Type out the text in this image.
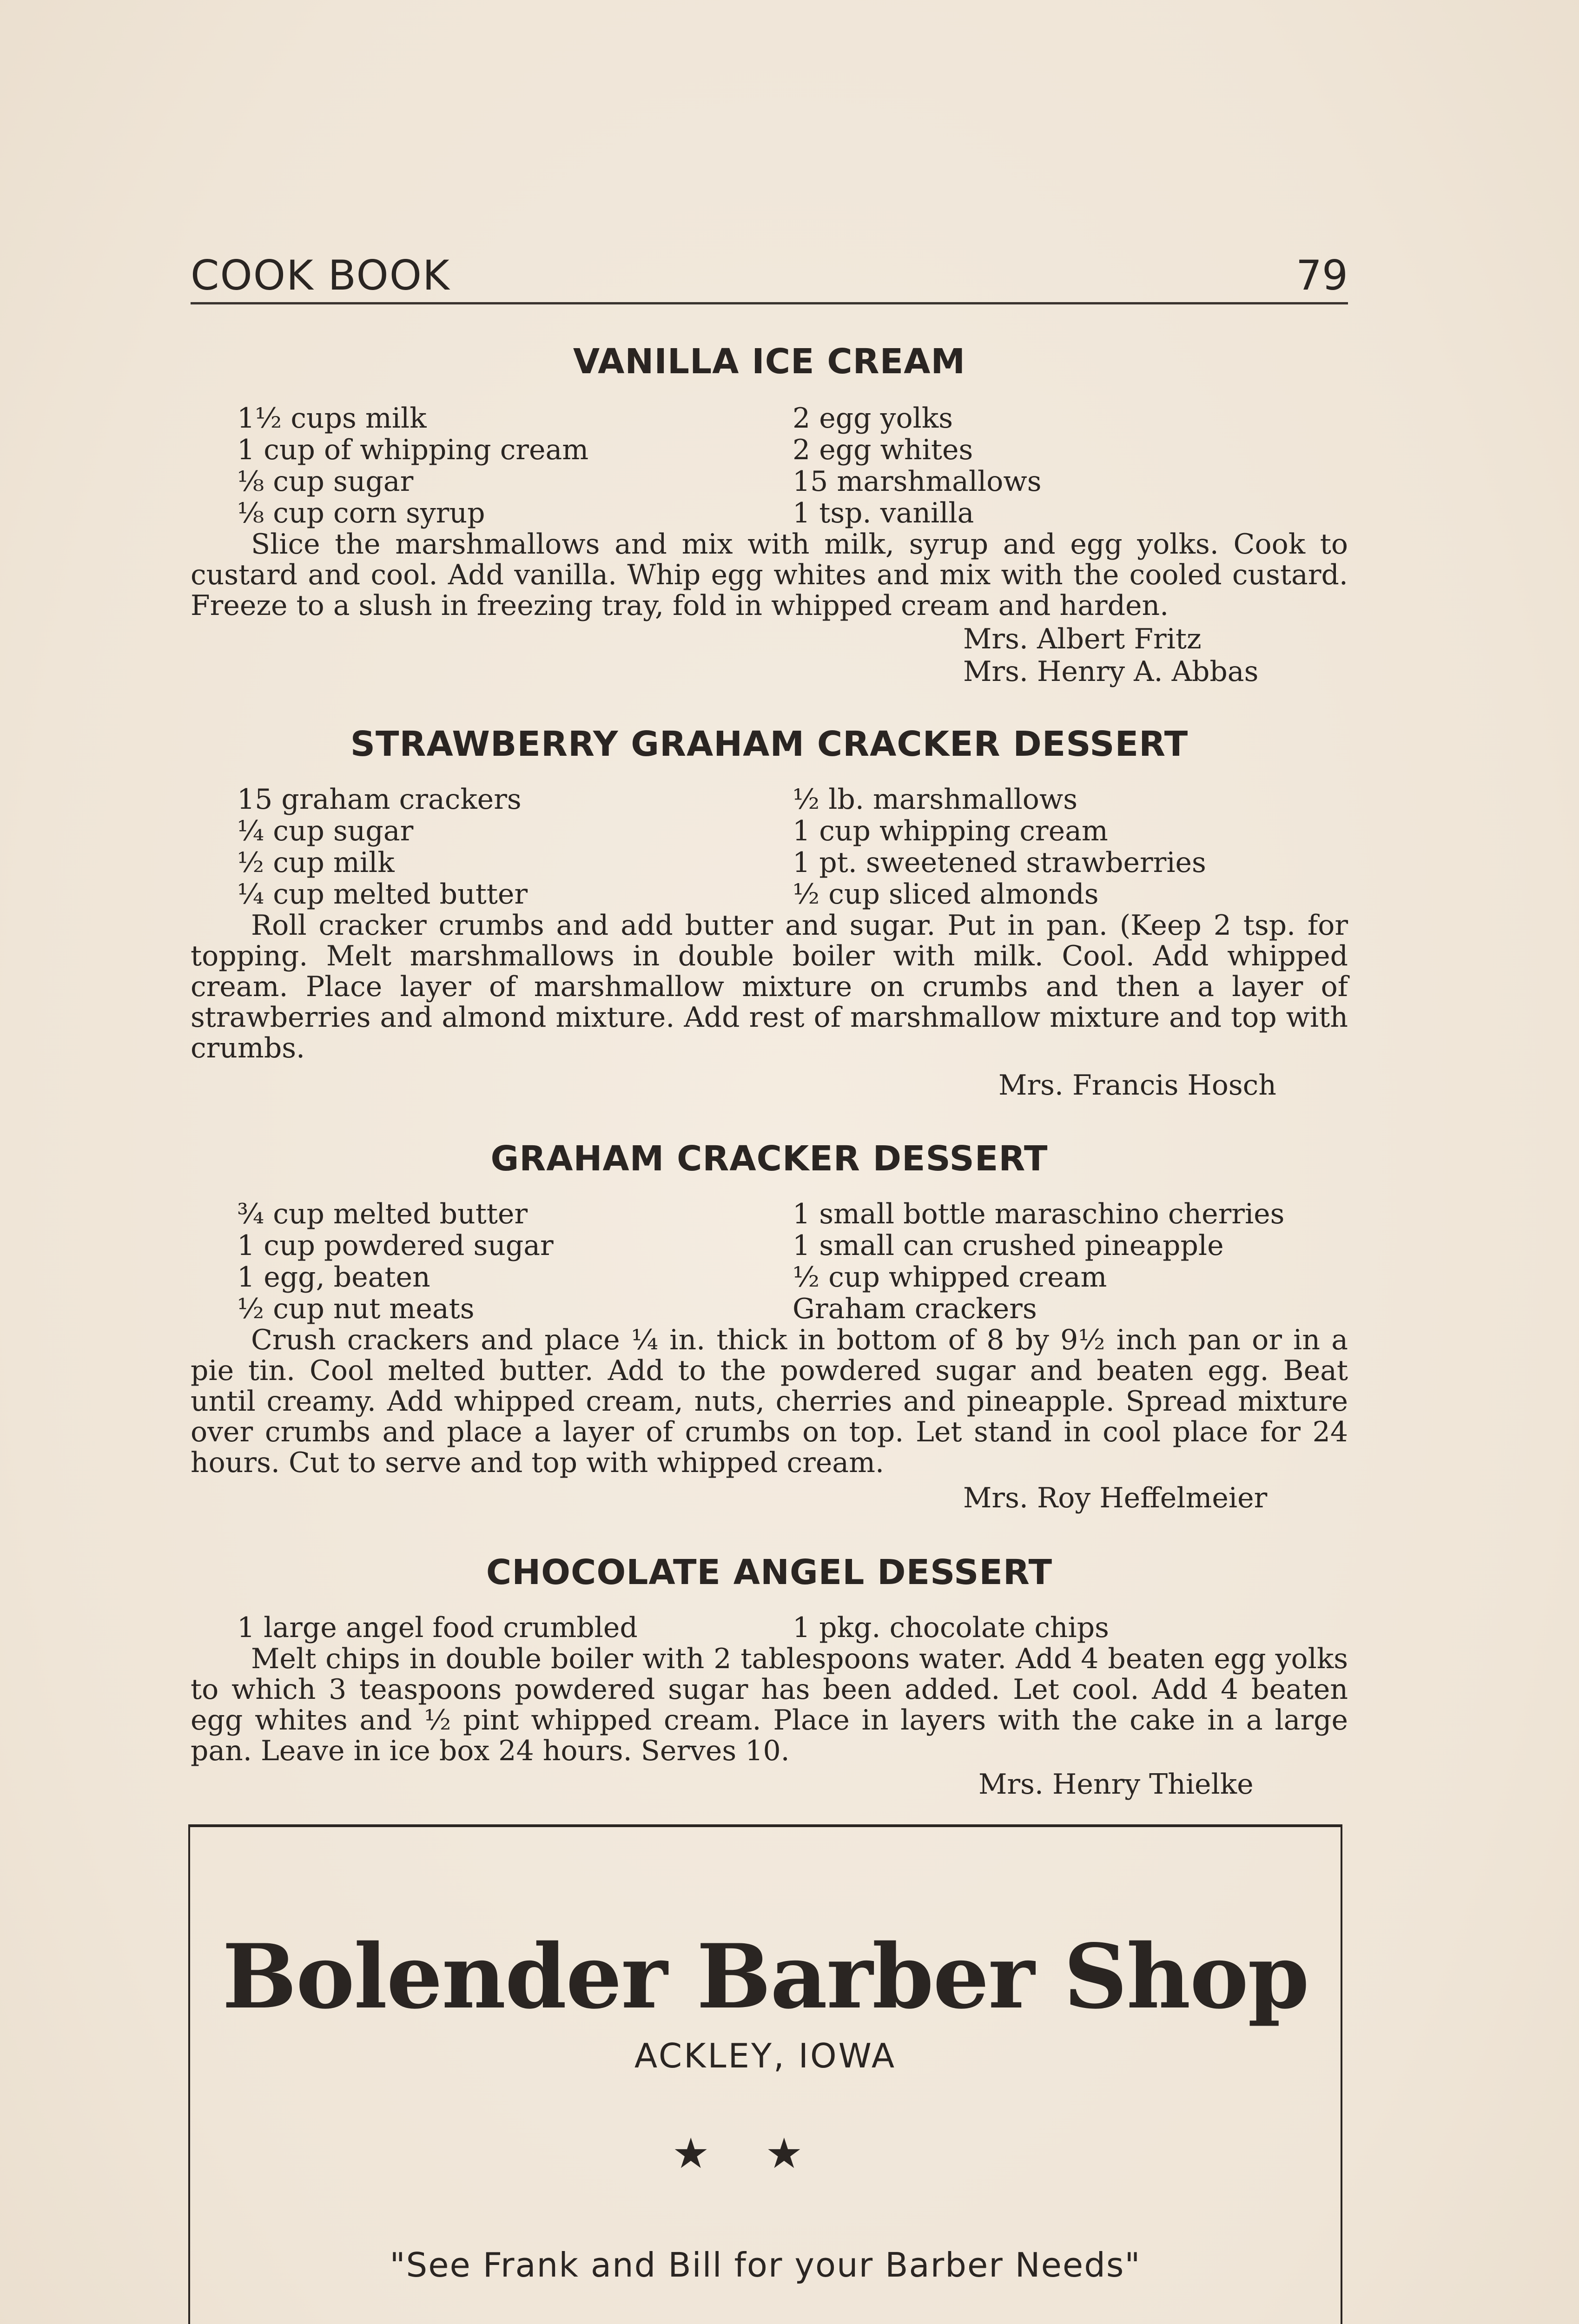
COOK BOOK	79
VANILLA ICE CREAM
1½ cups milk
1 cup of whipping cream
⅛ cup sugar
⅛ cup corn syrup
2 egg yolks
2 egg whites
15 marshmallows
1 tsp. vanilla

Slice the marshmallows and mix with milk, syrup and egg yolks. Cook to custard and cool. Add vanilla. Whip egg whites and mix with the cooled custard. Freeze to a slush in freezing tray, fold in whipped cream and harden.

Mrs. Albert Fritz
Mrs. Henry A. Abbas
STRAWBERRY GRAHAM CRACKER DESSERT
15 graham crackers
¼ cup sugar
½ cup milk
¼ cup melted butter
½ lb. marshmallows
1 cup whipping cream
1 pt. sweetened strawberries
½ cup sliced almonds

Roll cracker crumbs and add butter and sugar. Put in pan. (Keep 2 tsp. for topping. Melt marshmallows in double boiler with milk. Cool. Add whipped cream. Place layer of marshmallow mixture on crumbs and then a layer of strawberries and almond mixture. Add rest of marshmallow mixture and top with crumbs.

Mrs. Francis Hosch
GRAHAM CRACKER DESSERT
¾ cup melted butter
1 cup powdered sugar
1 egg, beaten
½ cup nut meats
1 small bottle maraschino cherries
1 small can crushed pineapple
½ cup whipped cream
Graham crackers

Crush crackers and place ¼ in. thick in bottom of 8 by 9½ inch pan or in a pie tin. Cool melted butter. Add to the powdered sugar and beaten egg. Beat until creamy. Add whipped cream, nuts, cherries and pineapple. Spread mixture over crumbs and place a layer of crumbs on top. Let stand in cool place for 24 hours. Cut to serve and top with whipped cream.

Mrs. Roy Heffelmeier
CHOCOLATE ANGEL DESSERT
1 large angel food crumbled	1 pkg. chocolate chips

Melt chips in double boiler with 2 tablespoons water. Add 4 beaten egg yolks to which 3 teaspoons powdered sugar has been added. Let cool. Add 4 beaten egg whites and ½ pint whipped cream. Place in layers with the cake in a large pan. Leave in ice box 24 hours. Serves 10.

Mrs. Henry Thielke
Bolender Barber Shop
ACKLEY, IOWA
★★
"See Frank and Bill for your Barber Needs"
